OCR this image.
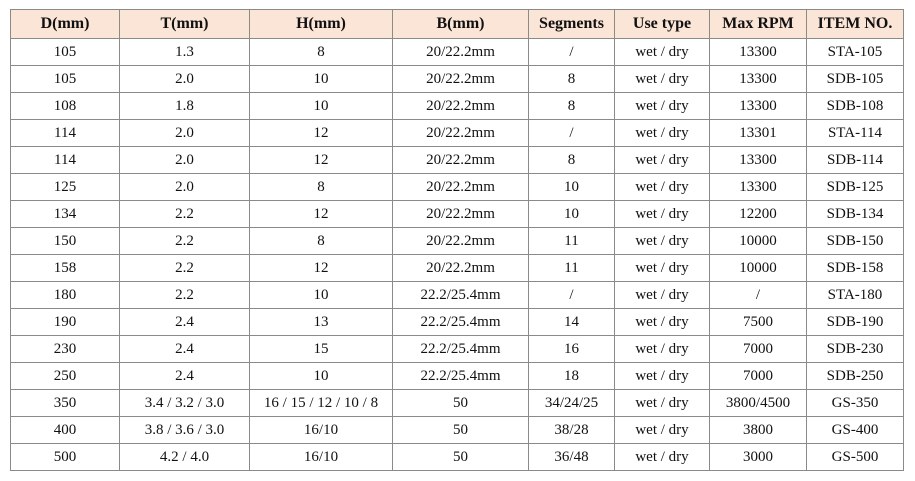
D(mm)	T(mm)	H(mm)	B(mm)	Segments	Use type	Max RPM	ITEM NO.
105	1.3	8	20/22.2mm	/	wet / dry	13300	STA-105
105	2.0	10	20/22.2mm	8	wet / dry	13300	SDB-105
108	1.8	10	20/22.2mm	8	wet / dry	13300	SDB-108
114	2.0	12	20/22.2mm	/	wet / dry	13301	STA-114
114	2.0	12	20/22.2mm	8	wet / dry	13300	SDB-114
125	2.0	8	20/22.2mm	10	wet / dry	13300	SDB-125
134	2.2	12	20/22.2mm	10	wet / dry	12200	SDB-134
150	2.2	8	20/22.2mm	11	wet / dry	10000	SDB-150
158	2.2	12	20/22.2mm	11	wet / dry	10000	SDB-158
180	2.2	10	22.2/25.4mm	/	wet / dry	/	STA-180
190	2.4	13	22.2/25.4mm	14	wet / dry	7500	SDB-190
230	2.4	15	22.2/25.4mm	16	wet / dry	7000	SDB-230
250	2.4	10	22.2/25.4mm	18	wet / dry	7000	SDB-250
350	3.4 / 3.2 / 3.0	16 / 15 / 12 / 10 / 8	50	34/24/25	wet / dry	3800/4500	GS-350
400	3.8 / 3.6 / 3.0	16/10	50	38/28	wet / dry	3800	GS-400
500	4.2 / 4.0	16/10	50	36/48	wet / dry	3000	GS-500
